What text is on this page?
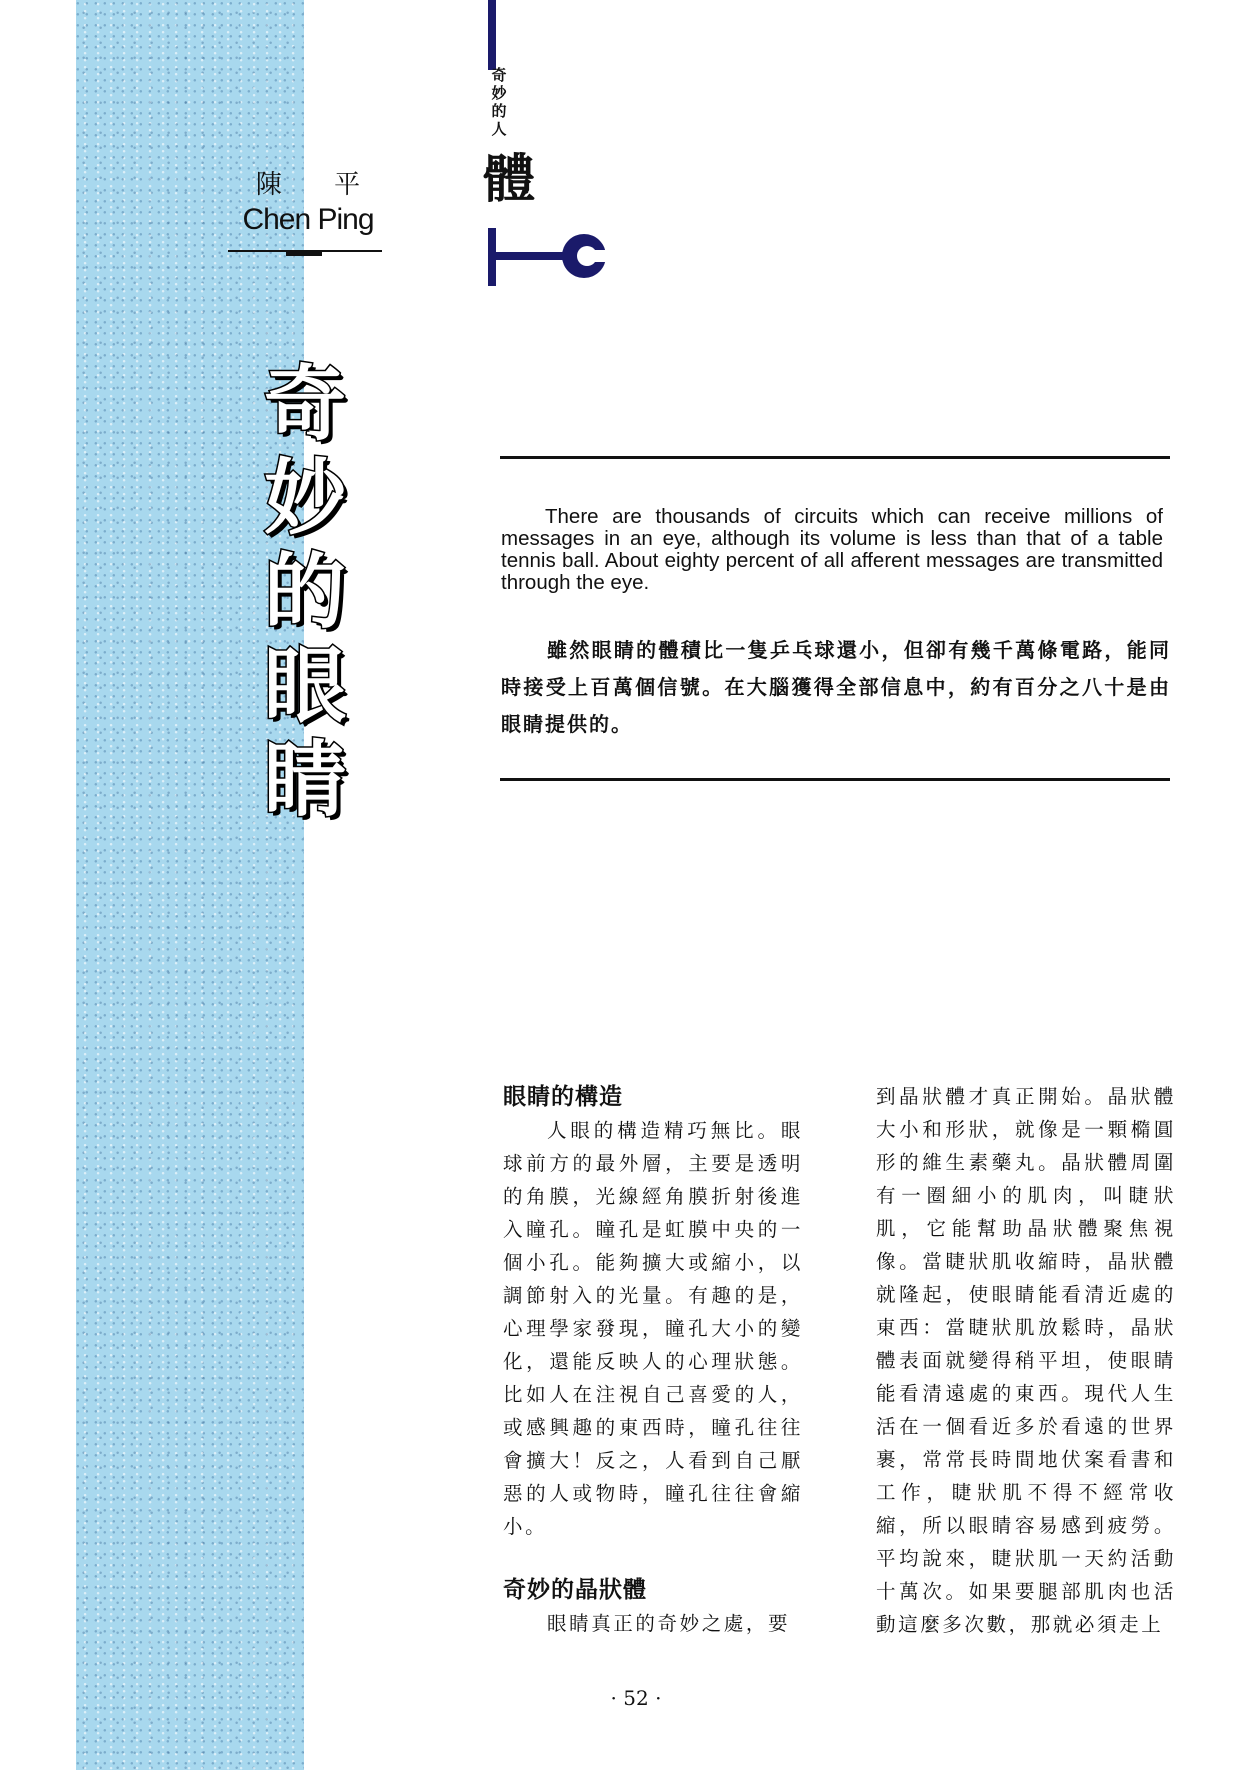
陳 平
Chen Ping
奇
妙
的
眼
睛
奇
妙
的
人
體
There are thousands of circuits which can receive millions of messages in an eye, although its volume is less than that of a table tennis ball. About eighty percent of all afferent messages are transmitted through the eye.
雖然眼睛的體積比一隻乒乓球還小，但卻有幾千萬條電路，能同時接受上百萬個信號。在大腦獲得全部信息中，約有百分之八十是由眼睛提供的。
眼睛的構造

人眼的構造精巧無比。眼球前方的最外層，主要是透明的角膜，光線經角膜折射後進入瞳孔。瞳孔是虹膜中央的一個小孔。能夠擴大或縮小，以調節射入的光量。有趣的是，心理學家發現，瞳孔大小的變化，還能反映人的心理狀態。比如人在注視自己喜愛的人，或感興趣的東西時，瞳孔往往會擴大！反之，人看到自己厭惡的人或物時，瞳孔往往會縮小。

奇妙的晶狀體

眼睛真正的奇妙之處，要

到晶狀體才真正開始。晶狀體大小和形狀，就像是一顆橢圓形的維生素藥丸。晶狀體周圍有一圈細小的肌肉，叫睫狀肌，它能幫助晶狀體聚焦視像。當睫狀肌收縮時，晶狀體就隆起，使眼睛能看清近處的東西：當睫狀肌放鬆時，晶狀體表面就變得稍平坦，使眼睛能看清遠處的東西。現代人生活在一個看近多於看遠的世界裹，常常長時間地伏案看書和工作，睫狀肌不得不經常收縮，所以眼睛容易感到疲勞。平均說來，睫狀肌一天約活動十萬次。如果要腿部肌肉也活動這麼多次數，那就必須走上

· 52 ·
